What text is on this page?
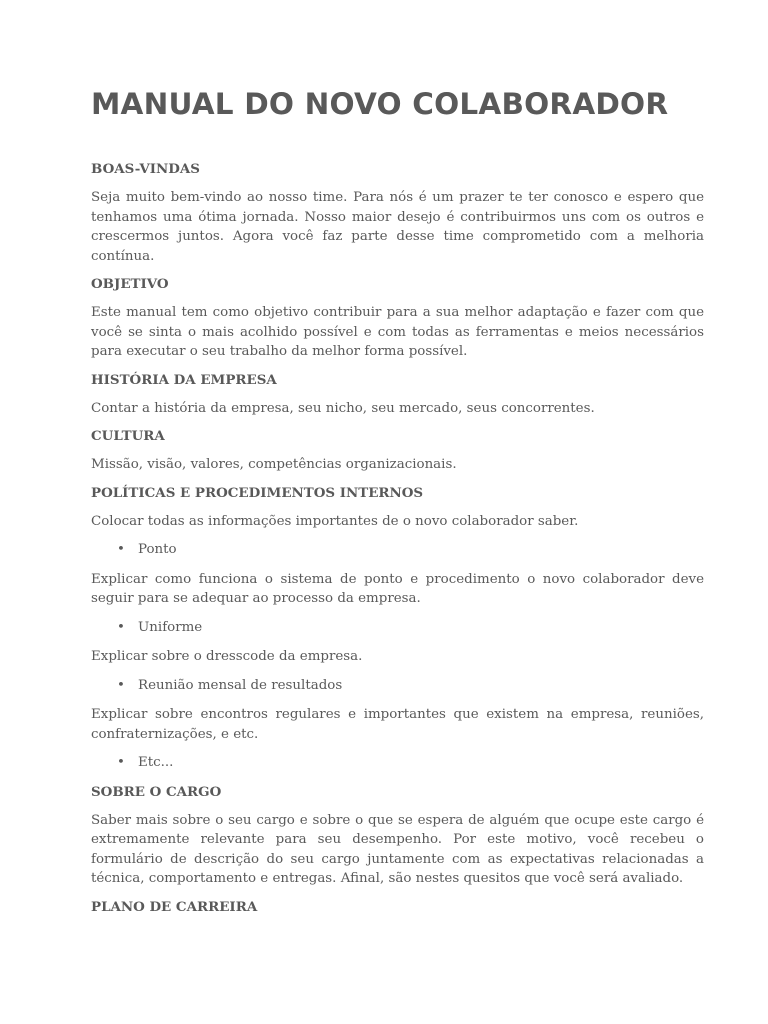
MANUAL DO NOVO COLABORADOR
BOAS-VINDAS

Seja muito bem-vindo ao nosso time. Para nós é um prazer te ter conosco e espero que tenhamos uma ótima jornada. Nosso maior desejo é contribuirmos uns com os outros e crescermos juntos. Agora você faz parte desse time comprometido com a melhoria contínua.

OBJETIVO

Este manual tem como objetivo contribuir para a sua melhor adaptação e fazer com que você se sinta o mais acolhido possível e com todas as ferramentas e meios necessários para executar o seu trabalho da melhor forma possível.

HISTÓRIA DA EMPRESA

Contar a história da empresa, seu nicho, seu mercado, seus concorrentes.

CULTURA

Missão, visão, valores, competências organizacionais.

POLÍTICAS E PROCEDIMENTOS INTERNOS

Colocar todas as informações importantes de o novo colaborador saber.

• Ponto

Explicar como funciona o sistema de ponto e procedimento o novo colaborador deve seguir para se adequar ao processo da empresa.

• Uniforme

Explicar sobre o dresscode da empresa.

• Reunião mensal de resultados

Explicar sobre encontros regulares e importantes que existem na empresa, reuniões, confraternizações, e etc.

• Etc...
SOBRE O CARGO

Saber mais sobre o seu cargo e sobre o que se espera de alguém que ocupe este cargo é extremamente relevante para seu desempenho. Por este motivo, você recebeu o formulário de descrição do seu cargo juntamente com as expectativas relacionadas a técnica, comportamento e entregas. Afinal, são nestes quesitos que você será avaliado.

PLANO DE CARREIRA
